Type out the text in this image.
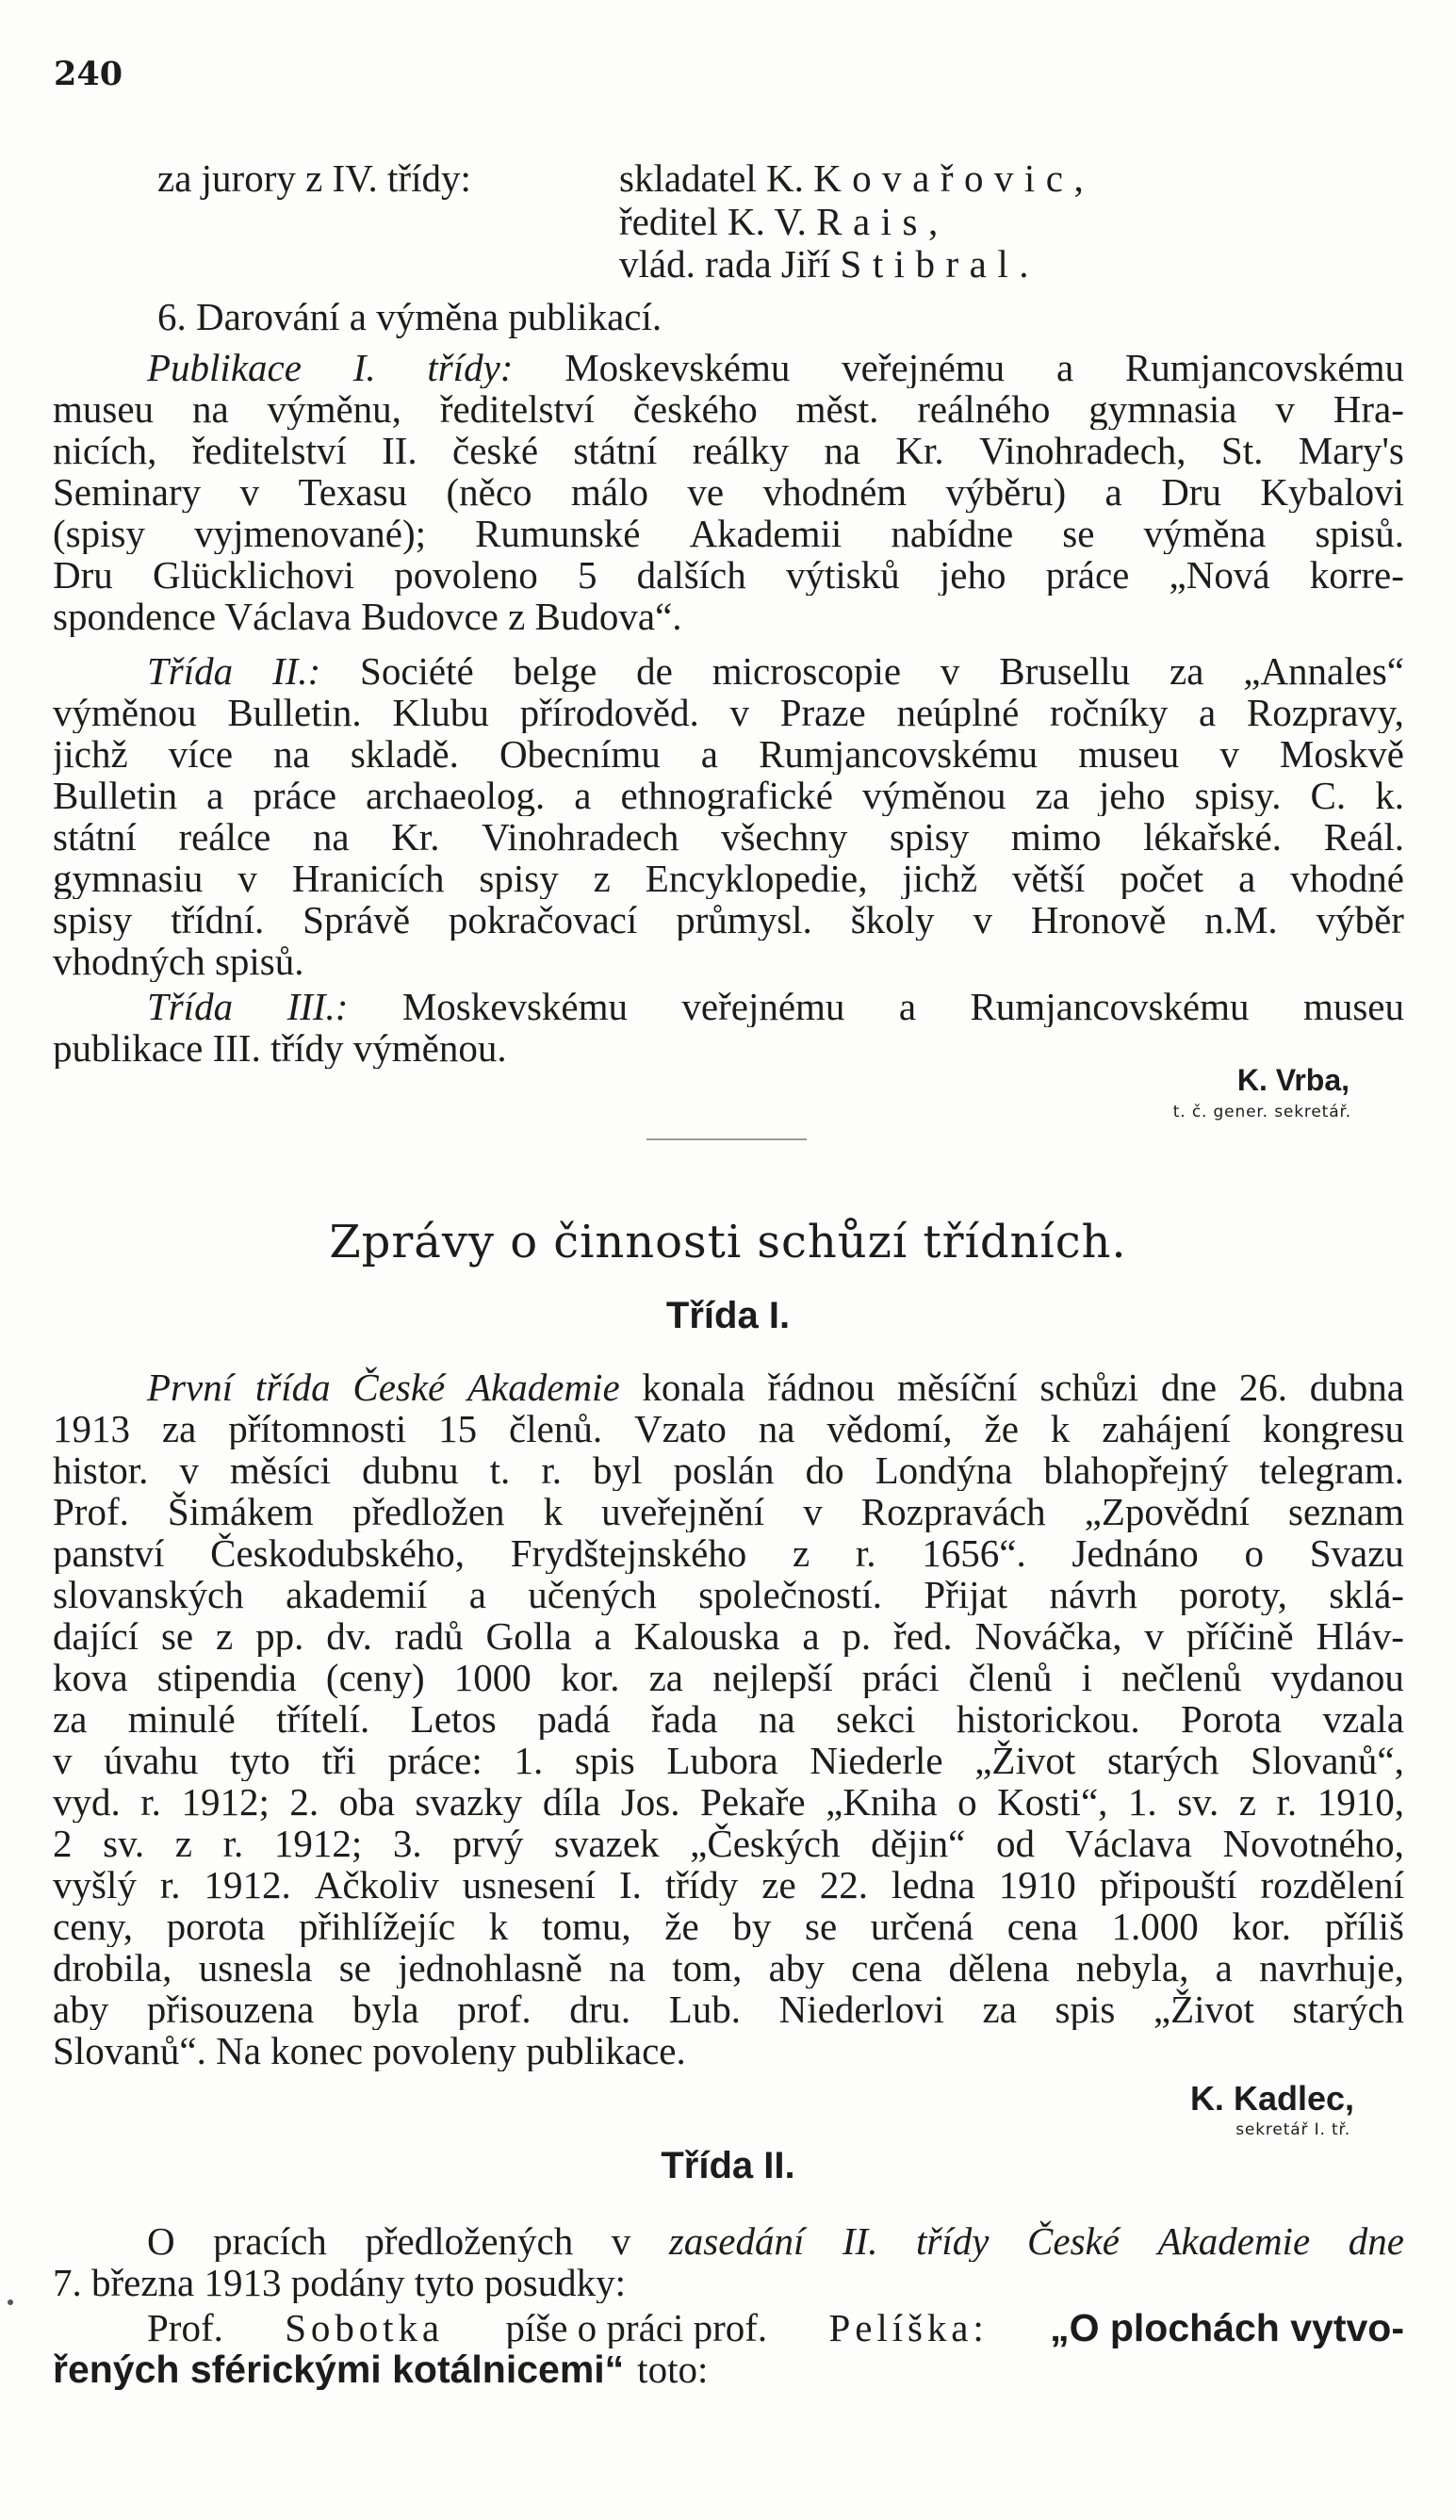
240
za jurory z IV. třídy:	skladatel K. Kovařovic,
ředitel K. V. Rais,
vlád. rada Jiří Stibral.
6. Darování a výměna publikací.
Publikace I. třídy: Moskevskému veřejnému a Rumjancovskému
museu na výměnu, ředitelství českého měst. reálného gymnasia v Hra-
nicích, ředitelství II. české státní reálky na Kr. Vinohradech, St. Mary's
Seminary v Texasu (něco málo ve vhodném výběru) a Dru Kybalovi
(spisy vyjmenované); Rumunské Akademii nabídne se výměna spisů.
Dru Glücklichovi povoleno 5 dalších výtisků jeho práce „Nová korre-
spondence Václava Budovce z Budova“.
Třída II.: Société belge de microscopie v Brusellu za „Annales“
výměnou Bulletin. Klubu přírodověd. v Praze neúplné ročníky a Rozpravy,
jichž více na skladě. Obecnímu a Rumjancovskému museu v Moskvě
Bulletin a práce archaeolog. a ethnografické výměnou za jeho spisy. C. k.
státní reálce na Kr. Vinohradech všechny spisy mimo lékařské. Reál.
gymnasiu v Hranicích spisy z Encyklopedie, jichž větší počet a vhodné
spisy třídní. Správě pokračovací průmysl. školy v Hronově n.M. výběr
vhodných spisů.
Třída III.: Moskevskému veřejnému a Rumjancovskému museu
publikace III. třídy výměnou.
K. Vrba,
t. č. gener. sekretář.
Zprávy o činnosti schůzí třídních.
Třída I.
První třída České Akademie konala řádnou měsíční schůzi dne 26. dubna
1913 za přítomnosti 15 členů. Vzato na vědomí, že k zahájení kongresu
histor. v měsíci dubnu t. r. byl poslán do Londýna blahopřejný telegram.
Prof. Šimákem předložen k uveřejnění v Rozpravách „Zpovědní seznam
panství Českodubského, Frydštejnského z r. 1656“. Jednáno o Svazu
slovanských akademií a učených společností. Přijat návrh poroty, sklá-
dající se z pp. dv. radů Golla a Kalouska a p. řed. Nováčka, v příčině Hláv-
kova stipendia (ceny) 1000 kor. za nejlepší práci členů i nečlenů vydanou
za minulé třítelí. Letos padá řada na sekci historickou. Porota vzala
v úvahu tyto tři práce: 1. spis Lubora Niederle „Život starých Slovanů“,
vyd. r. 1912; 2. oba svazky díla Jos. Pekaře „Kniha o Kosti“, 1. sv. z r. 1910,
2 sv. z r. 1912; 3. prvý svazek „Českých dějin“ od Václava Novotného,
vyšlý r. 1912. Ačkoliv usnesení I. třídy ze 22. ledna 1910 připouští rozdělení
ceny, porota přihlížejíc k tomu, že by se určená cena 1.000 kor. příliš
drobila, usnesla se jednohlasně na tom, aby cena dělena nebyla, a navrhuje,
aby přisouzena byla prof. dru. Lub. Niederlovi za spis „Život starých
Slovanů“. Na konec povoleny publikace.
K. Kadlec,
sekretář I. tř.
Třída II.
O pracích předložených v zasedání II. třídy České Akademie dne
7. března 1913 podány tyto posudky:
Prof. Sobotka píše o práci prof. Pelíška: „O plochách vytvo-
řených sférickými kotálnicemi“ toto:
